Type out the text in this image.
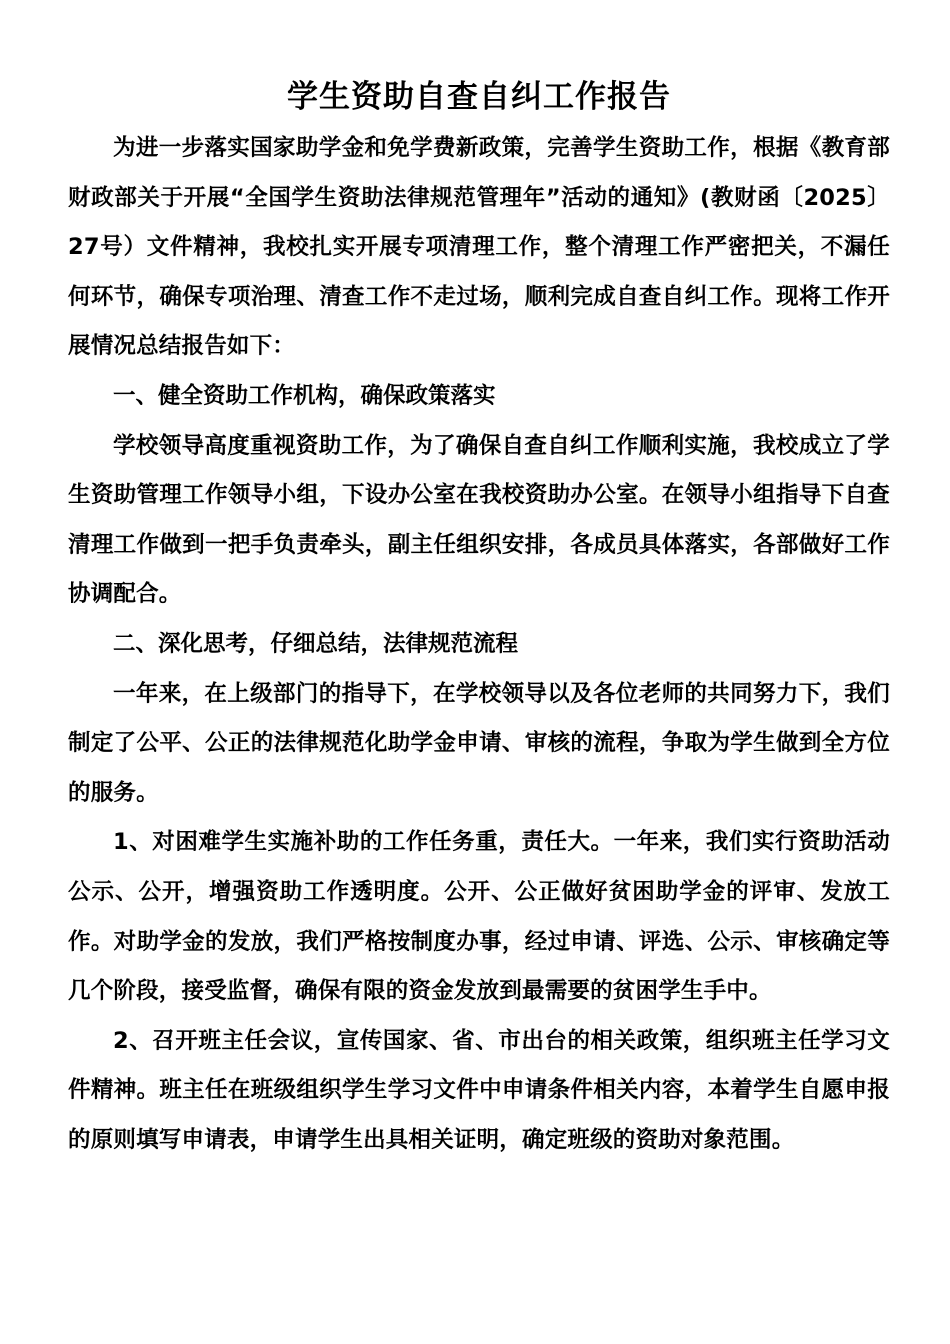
学生资助自查自纠工作报告

为进一步落实国家助学金和免学费新政策，完善学生资助工作，根据《教育部财政部关于开展“全国学生资助法律规范管理年”活动的通知》(教财函〔2025〕27号）文件精神，我校扎实开展专项清理工作，整个清理工作严密把关，不漏任何环节，确保专项治理、清查工作不走过场，顺利完成自查自纠工作。现将工作开展情况总结报告如下：

一、健全资助工作机构，确保政策落实

学校领导高度重视资助工作，为了确保自查自纠工作顺利实施，我校成立了学生资助管理工作领导小组，下设办公室在我校资助办公室。在领导小组指导下自查清理工作做到一把手负责牵头，副主任组织安排，各成员具体落实，各部做好工作协调配合。

二、深化思考，仔细总结，法律规范流程

一年来，在上级部门的指导下，在学校领导以及各位老师的共同努力下，我们制定了公平、公正的法律规范化助学金申请、审核的流程，争取为学生做到全方位的服务。

1、对困难学生实施补助的工作任务重，责任大。一年来，我们实行资助活动公示、公开，增强资助工作透明度。公开、公正做好贫困助学金的评审、发放工作。对助学金的发放，我们严格按制度办事，经过申请、评选、公示、审核确定等几个阶段，接受监督，确保有限的资金发放到最需要的贫困学生手中。

2、召开班主任会议，宣传国家、省、市出台的相关政策，组织班主任学习文件精神。班主任在班级组织学生学习文件中申请条件相关内容，本着学生自愿申报的原则填写申请表，申请学生出具相关证明，确定班级的资助对象范围。
